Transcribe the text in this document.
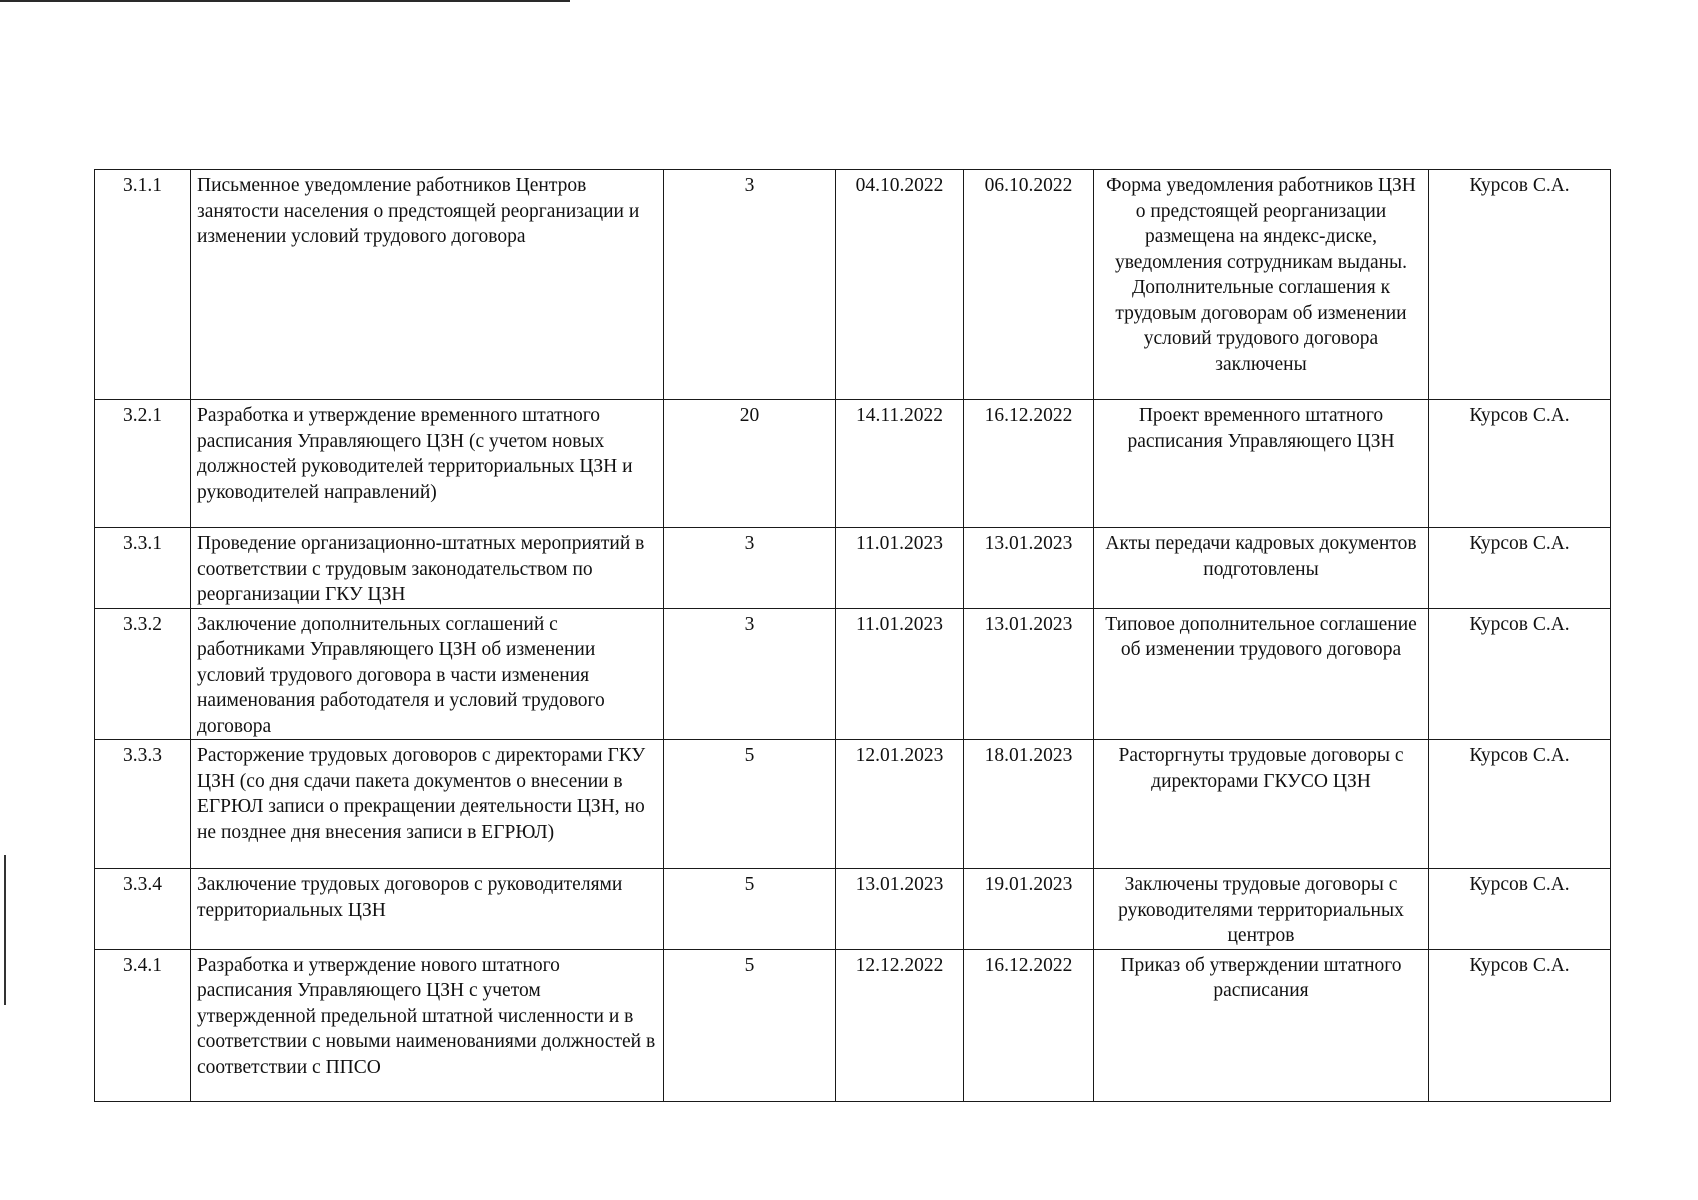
3.1.1	Письменное уведомление работников Центров занятости населения о предстоящей реорганизации и изменении условий трудового договора	3	04.10.2022	06.10.2022	Форма уведомления работников ЦЗН о предстоящей реорганизации размещена на яндекс-диске, уведомления сотрудникам выданы. Дополнительные соглашения к трудовым договорам об изменении условий трудового договора заключены	Курсов С.А.
3.2.1	Разработка и утверждение временного штатного расписания Управляющего ЦЗН (с учетом новых должностей руководителей территориальных ЦЗН и руководителей направлений)	20	14.11.2022	16.12.2022	Проект временного штатного расписания Управляющего ЦЗН	Курсов С.А.
3.3.1	Проведение организационно-штатных мероприятий в соответствии с трудовым законодательством по реорганизации ГКУ ЦЗН	3	11.01.2023	13.01.2023	Акты передачи кадровых документов подготовлены	Курсов С.А.
3.3.2	Заключение дополнительных соглашений с работниками Управляющего ЦЗН об изменении условий трудового договора в части изменения наименования работодателя и условий трудового договора	3	11.01.2023	13.01.2023	Типовое дополнительное соглашение об изменении трудового договора	Курсов С.А.
3.3.3	Расторжение трудовых договоров с директорами ГКУ ЦЗН (со дня сдачи пакета документов о внесении в ЕГРЮЛ записи о прекращении деятельности ЦЗН, но не позднее дня внесения записи в ЕГРЮЛ)	5	12.01.2023	18.01.2023	Расторгнуты трудовые договоры с директорами ГКУСО ЦЗН	Курсов С.А.
3.3.4	Заключение трудовых договоров с руководителями территориальных ЦЗН	5	13.01.2023	19.01.2023	Заключены трудовые договоры с руководителями территориальных центров	Курсов С.А.
3.4.1	Разработка и утверждение нового штатного расписания Управляющего ЦЗН с учетом утвержденной предельной штатной численности и в соответствии с новыми наименованиями должностей в соответствии с ППСО	5	12.12.2022	16.12.2022	Приказ об утверждении штатного расписания	Курсов С.А.
